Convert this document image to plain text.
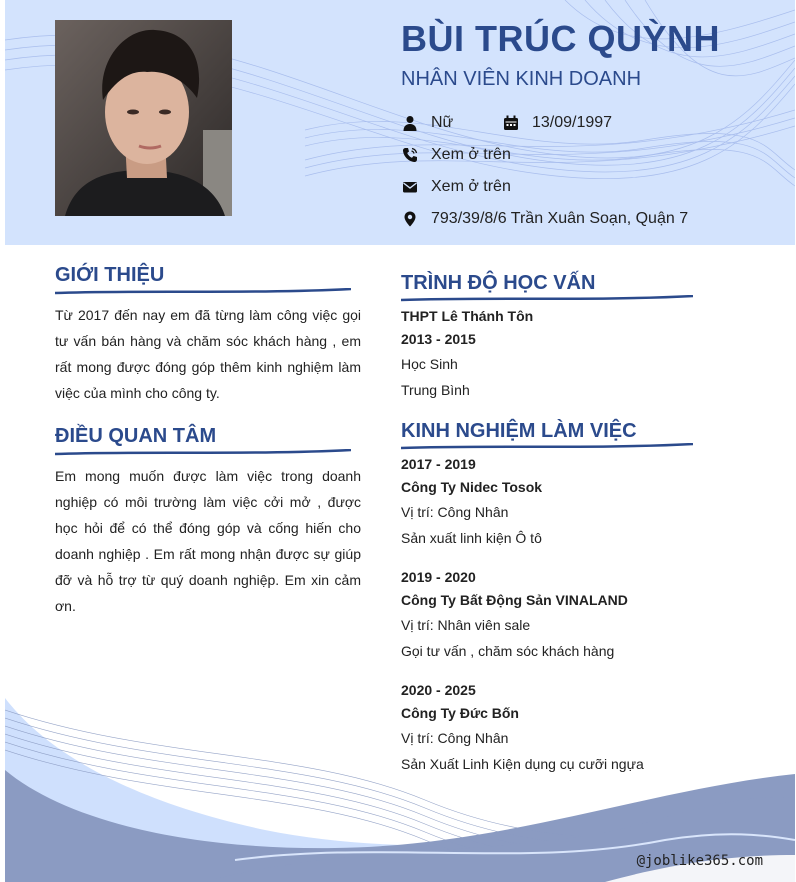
BÙI TRÚC QUỲNH
NHÂN VIÊN KINH DOANH
Nữ	13/09/1997
Xem ở trên
Xem ở trên
793/39/8/6 Trần Xuân Soạn, Quận 7
GIỚI THIỆU
Từ 2017 đến nay em đã từng làm công việc gọi tư vấn bán hàng và chăm sóc khách hàng , em rất mong được đóng góp thêm kinh nghiệm làm việc của mình cho công ty.
ĐIỀU QUAN TÂM
Em mong muốn được làm việc trong doanh nghiệp có môi trường làm việc cởi mở , được học hỏi để có thể đóng góp và cống hiến cho doanh nghiệp . Em rất mong nhận được sự giúp đỡ và hỗ trợ từ quý doanh nghiệp. Em xin cảm ơn.
TRÌNH ĐỘ HỌC VẤN
THPT Lê Thánh Tôn
2013 - 2015
Học Sinh
Trung Bình
KINH NGHIỆM LÀM VIỆC
2017 - 2019
Công Ty Nidec Tosok
Vị trí: Công Nhân
Sản xuất linh kiện Ô tô
2019 - 2020
Công Ty Bất Động Sản VINALAND
Vị trí: Nhân viên sale
Gọi tư vấn , chăm sóc khách hàng
2020 - 2025
Công Ty Đức Bốn
Vị trí: Công Nhân
Sản Xuất Linh Kiện dụng cụ cưỡi ngựa
@joblike365.com
